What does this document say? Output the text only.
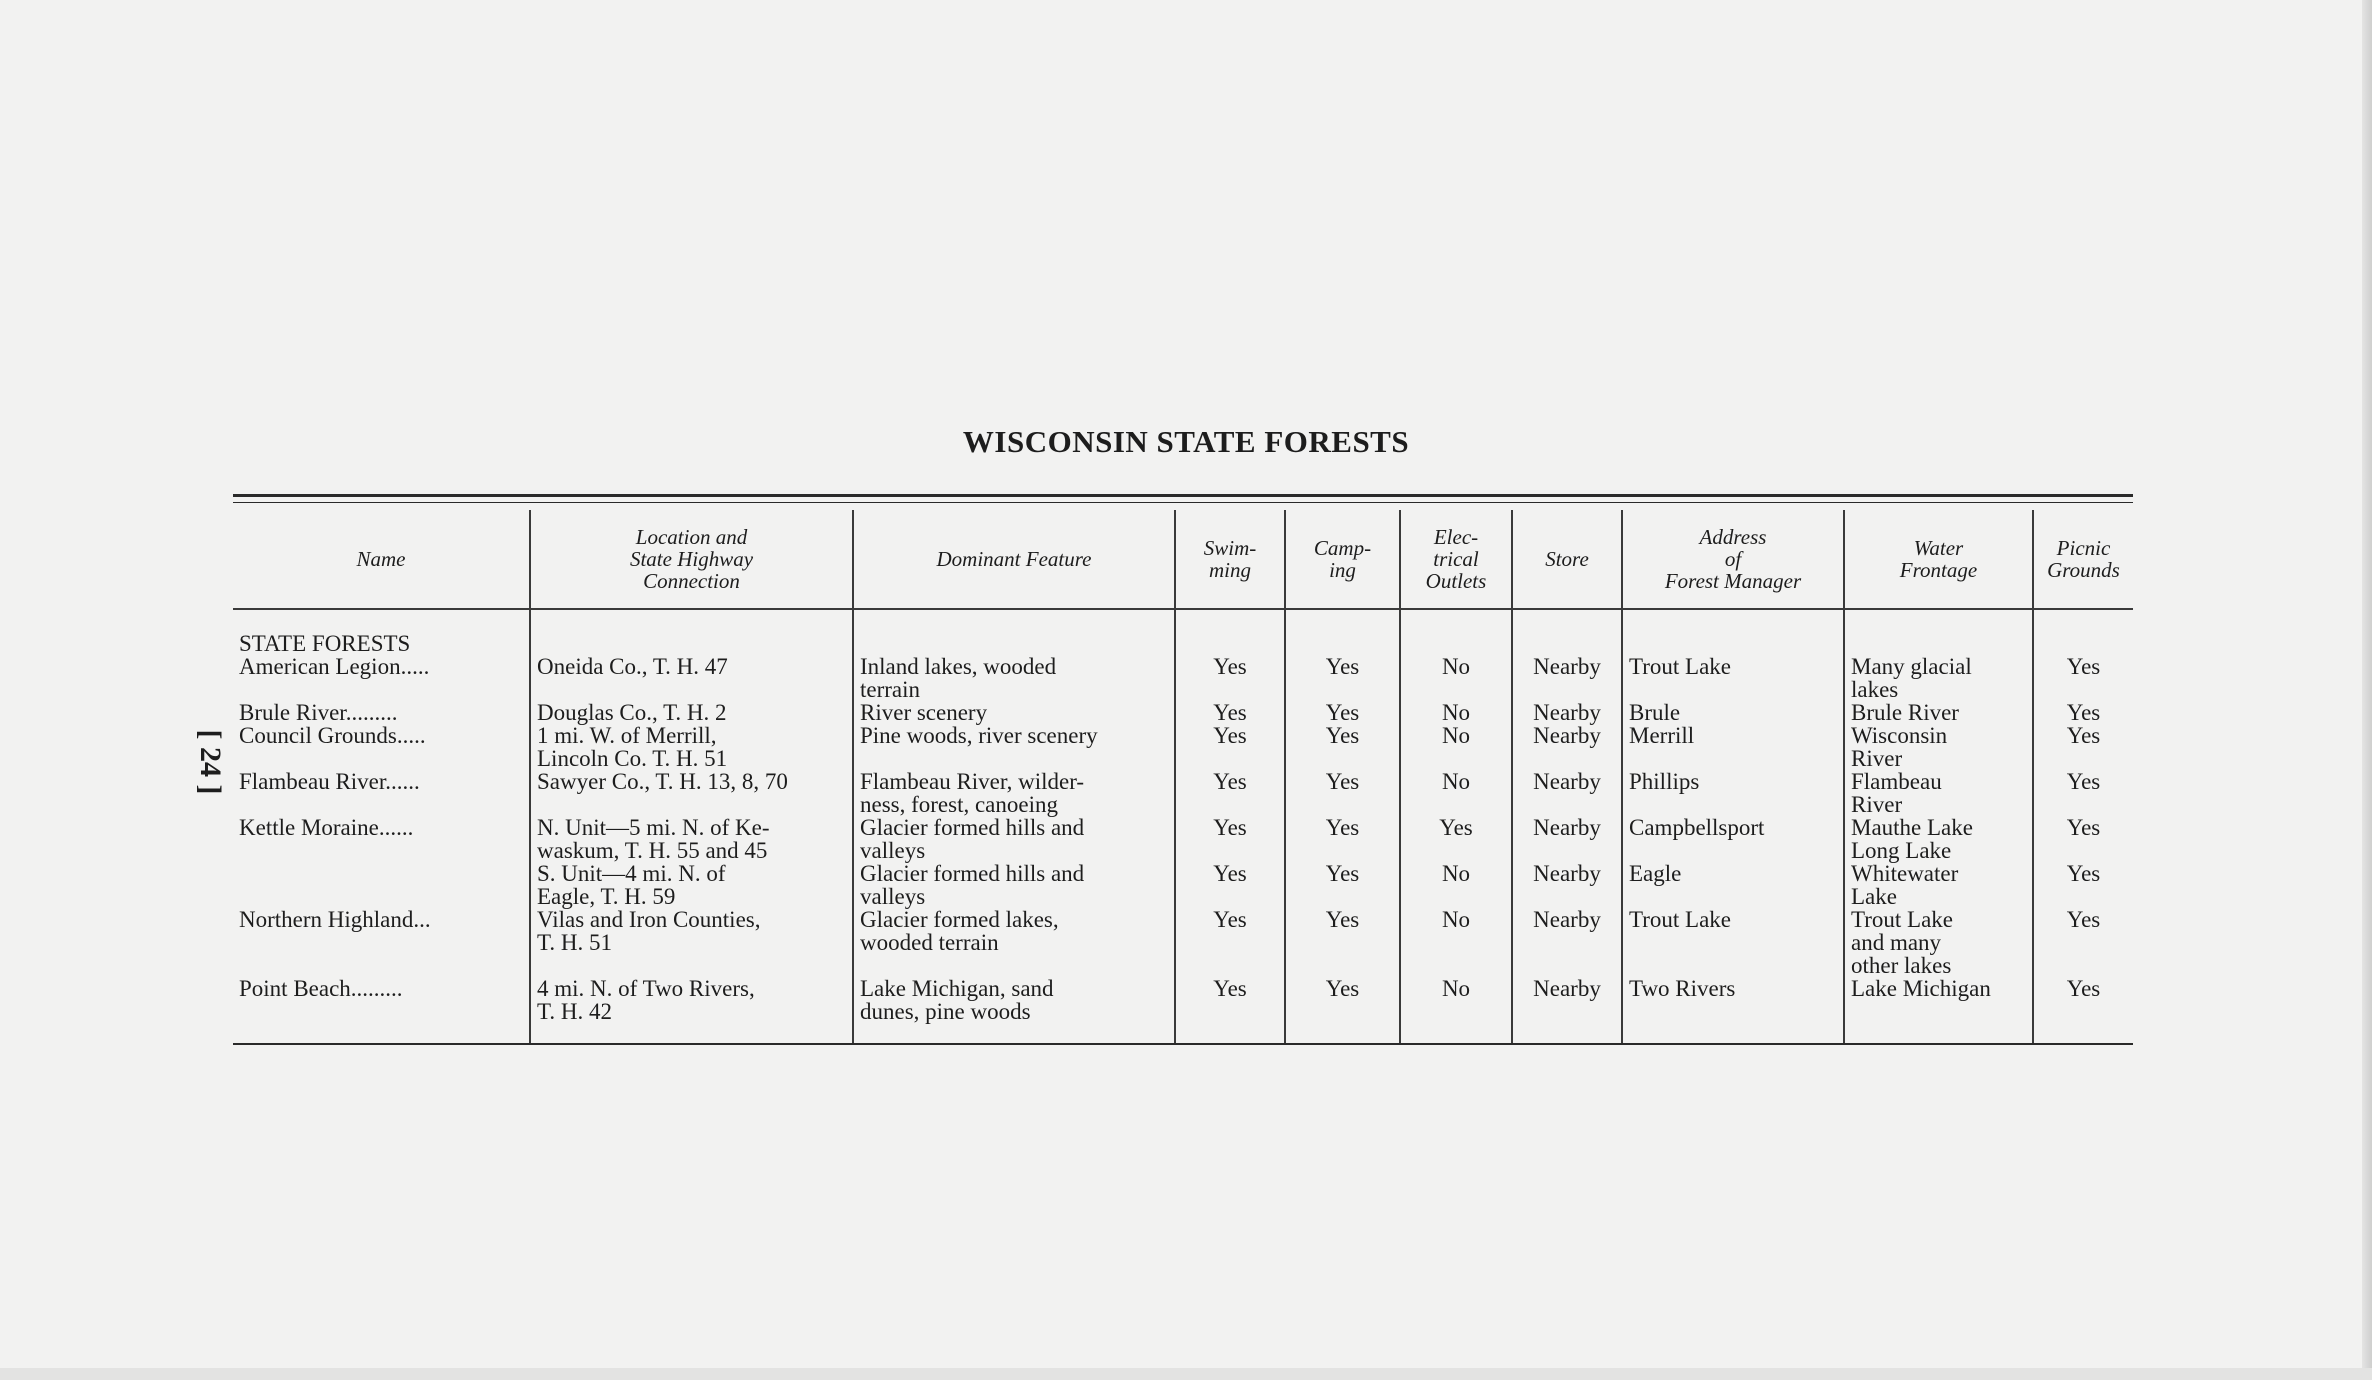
WISCONSIN STATE FORESTS
[ 24 ]
Name	Location and
State Highway
Connection	Dominant Feature	Swim-
ming	Camp-
ing	Elec-
trical
Outlets	Store	Address
of
Forest Manager	Water
Frontage	Picnic
Grounds

STATE FORESTS									
American Legion.....	Oneida Co., T. H. 47	Inland lakes, wooded
terrain	Yes	Yes	No	Nearby	Trout Lake	Many glacial
lakes	Yes
Brule River.........	Douglas Co., T. H. 2	River scenery	Yes	Yes	No	Nearby	Brule	Brule River	Yes
Council Grounds.....	1 mi. W. of Merrill,
Lincoln Co. T. H. 51	Pine woods, river scenery	Yes	Yes	No	Nearby	Merrill	Wisconsin
River	Yes
Flambeau River......	Sawyer Co., T. H. 13, 8, 70	Flambeau River, wilder-
ness, forest, canoeing	Yes	Yes	No	Nearby	Phillips	Flambeau
River	Yes
Kettle Moraine......	N. Unit—5 mi. N. of Ke-
waskum, T. H. 55 and 45	Glacier formed hills and
valleys	Yes	Yes	Yes	Nearby	Campbellsport	Mauthe Lake
Long Lake	Yes

	S. Unit—4 mi. N. of
Eagle, T. H. 59	Glacier formed hills and
valleys	Yes	Yes	No	Nearby	Eagle	Whitewater
Lake	Yes
Northern Highland...	Vilas and Iron Counties,
T. H. 51	Glacier formed lakes,
wooded terrain	Yes	Yes	No	Nearby	Trout Lake	Trout Lake
and many
other lakes	Yes
Point Beach.........	4 mi. N. of Two Rivers,
T. H. 42	Lake Michigan, sand
dunes, pine woods	Yes	Yes	No	Nearby	Two Rivers	Lake Michigan	Yes
